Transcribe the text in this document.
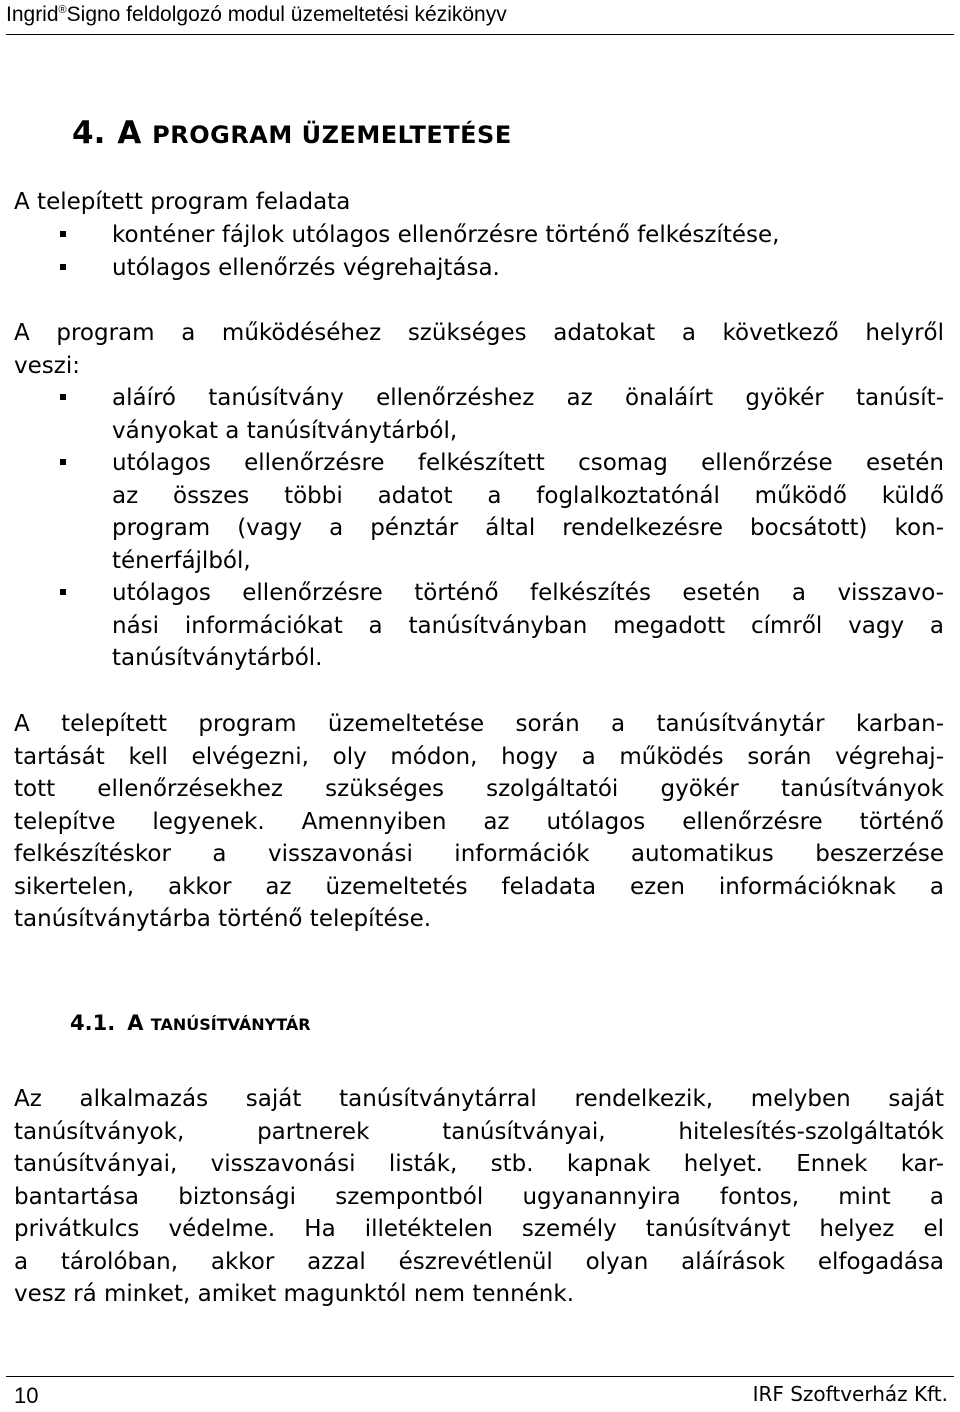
Ingrid®Signo feldolgozó modul üzemeltetési kézikönyv
4. A PROGRAM ÜZEMELTETÉSE
A telepített program feladata
konténer fájlok utólagos ellenőrzésre történő felkészítése,
utólagos ellenőrzés végrehajtása.
A program a működéséhez szükséges adatokat a következő helyről
veszi:
aláíró tanúsítvány ellenőrzéshez az önaláírt gyökér tanúsít-
ványokat a tanúsítványtárból,
utólagos ellenőrzésre felkészített csomag ellenőrzése esetén
az összes többi adatot a foglalkoztatónál működő küldő
program (vagy a pénztár által rendelkezésre bocsátott) kon-
ténerfájlból,
utólagos ellenőrzésre történő felkészítés esetén a visszavo-
nási információkat a tanúsítványban megadott címről vagy a
tanúsítványtárból.
A telepített program üzemeltetése során a tanúsítványtár karban-
tartását kell elvégezni, oly módon, hogy a működés során végrehaj-
tott ellenőrzésekhez szükséges szolgáltatói gyökér tanúsítványok
telepítve legyenek. Amennyiben az utólagos ellenőrzésre történő
felkészítéskor a visszavonási információk automatikus beszerzése
sikertelen, akkor az üzemeltetés feladata ezen információknak a
tanúsítványtárba történő telepítése.
4.1. A TANÚSÍTVÁNYTÁR
Az alkalmazás saját tanúsítványtárral rendelkezik, melyben saját
tanúsítványok, partnerek tanúsítványai, hitelesítés-szolgáltatók
tanúsítványai, visszavonási listák, stb. kapnak helyet. Ennek kar-
bantartása biztonsági szempontból ugyanannyira fontos, mint a
privátkulcs védelme. Ha illetéktelen személy tanúsítványt helyez el
a tárolóban, akkor azzal észrevétlenül olyan aláírások elfogadása
vesz rá minket, amiket magunktól nem tennénk.
10	IRF Szoftverház Kft.
